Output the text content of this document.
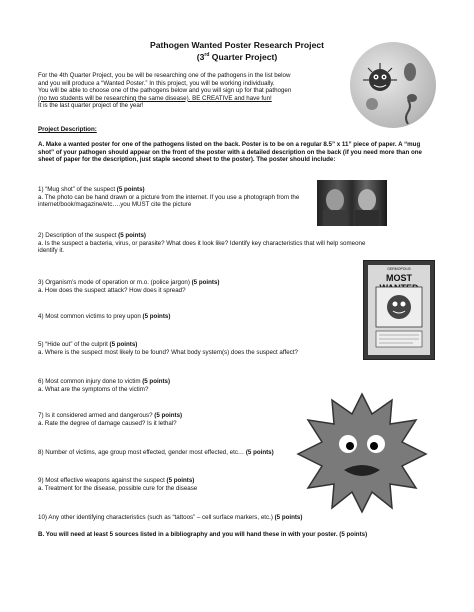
Pathogen Wanted Poster Research Project
(3rd Quarter Project)
For the 4th Quarter Project, you be will be researching one of the pathogens in the list below
and you will produce a “Wanted Poster.” In this project, you will be working individually.
You will be able to choose one of the pathogens below and you will sign up for that pathogen
(no two students will be researching the same disease). BE CREATIVE and have fun!
It is the last quarter project of the year!
Project Description:
A. Make a wanted poster for one of the pathogens listed on the back. Poster is to be on a regular 8.5” x 11” piece of paper. A “mug shot” of your pathogen should appear on the front of the poster with a detailed description on the back (if you need more than one sheet of paper for the description, just staple second sheet to the poster). The poster should include:
1) “Mug shot” of the suspect (5 points)
a. The photo can be hand drawn or a picture from the internet. If you use a photograph from the
internet/book/magazine/etc….you MUST cite the picture
2) Description of the suspect (5 points)
a. Is the suspect a bacteria, virus, or parasite? What does it look like? Identify key characteristics that will help someone
identify it.
3) Organism’s mode of operation or m.o. (police jargon) (5 points)
a. How does the suspect attack? How does it spread?
4) Most common victims to prey upon (5 points)
5) “Hide out” of the culprit (5 points)
a. Where is the suspect most likely to be found? What body system(s) does the suspect affect?
6) Most common injury done to victim (5 points)
a. What are the symptoms of the victim?
7) Is it considered armed and dangerous? (5 points)
a. Rate the degree of damage caused? Is it lethal?
8) Number of victims, age group most effected, gender most effected, etc… (5 points)
9) Most effective weapons against the suspect (5 points)
a. Treatment for the disease, possible cure for the disease
10) Any other identifying characteristics (such as “tattoos” – cell surface markers, etc.) (5 points)
B. You will need at least 5 sources listed in a bibliography and you will hand these in with your poster. (5 points)
GERMOPOLIS
MOST
